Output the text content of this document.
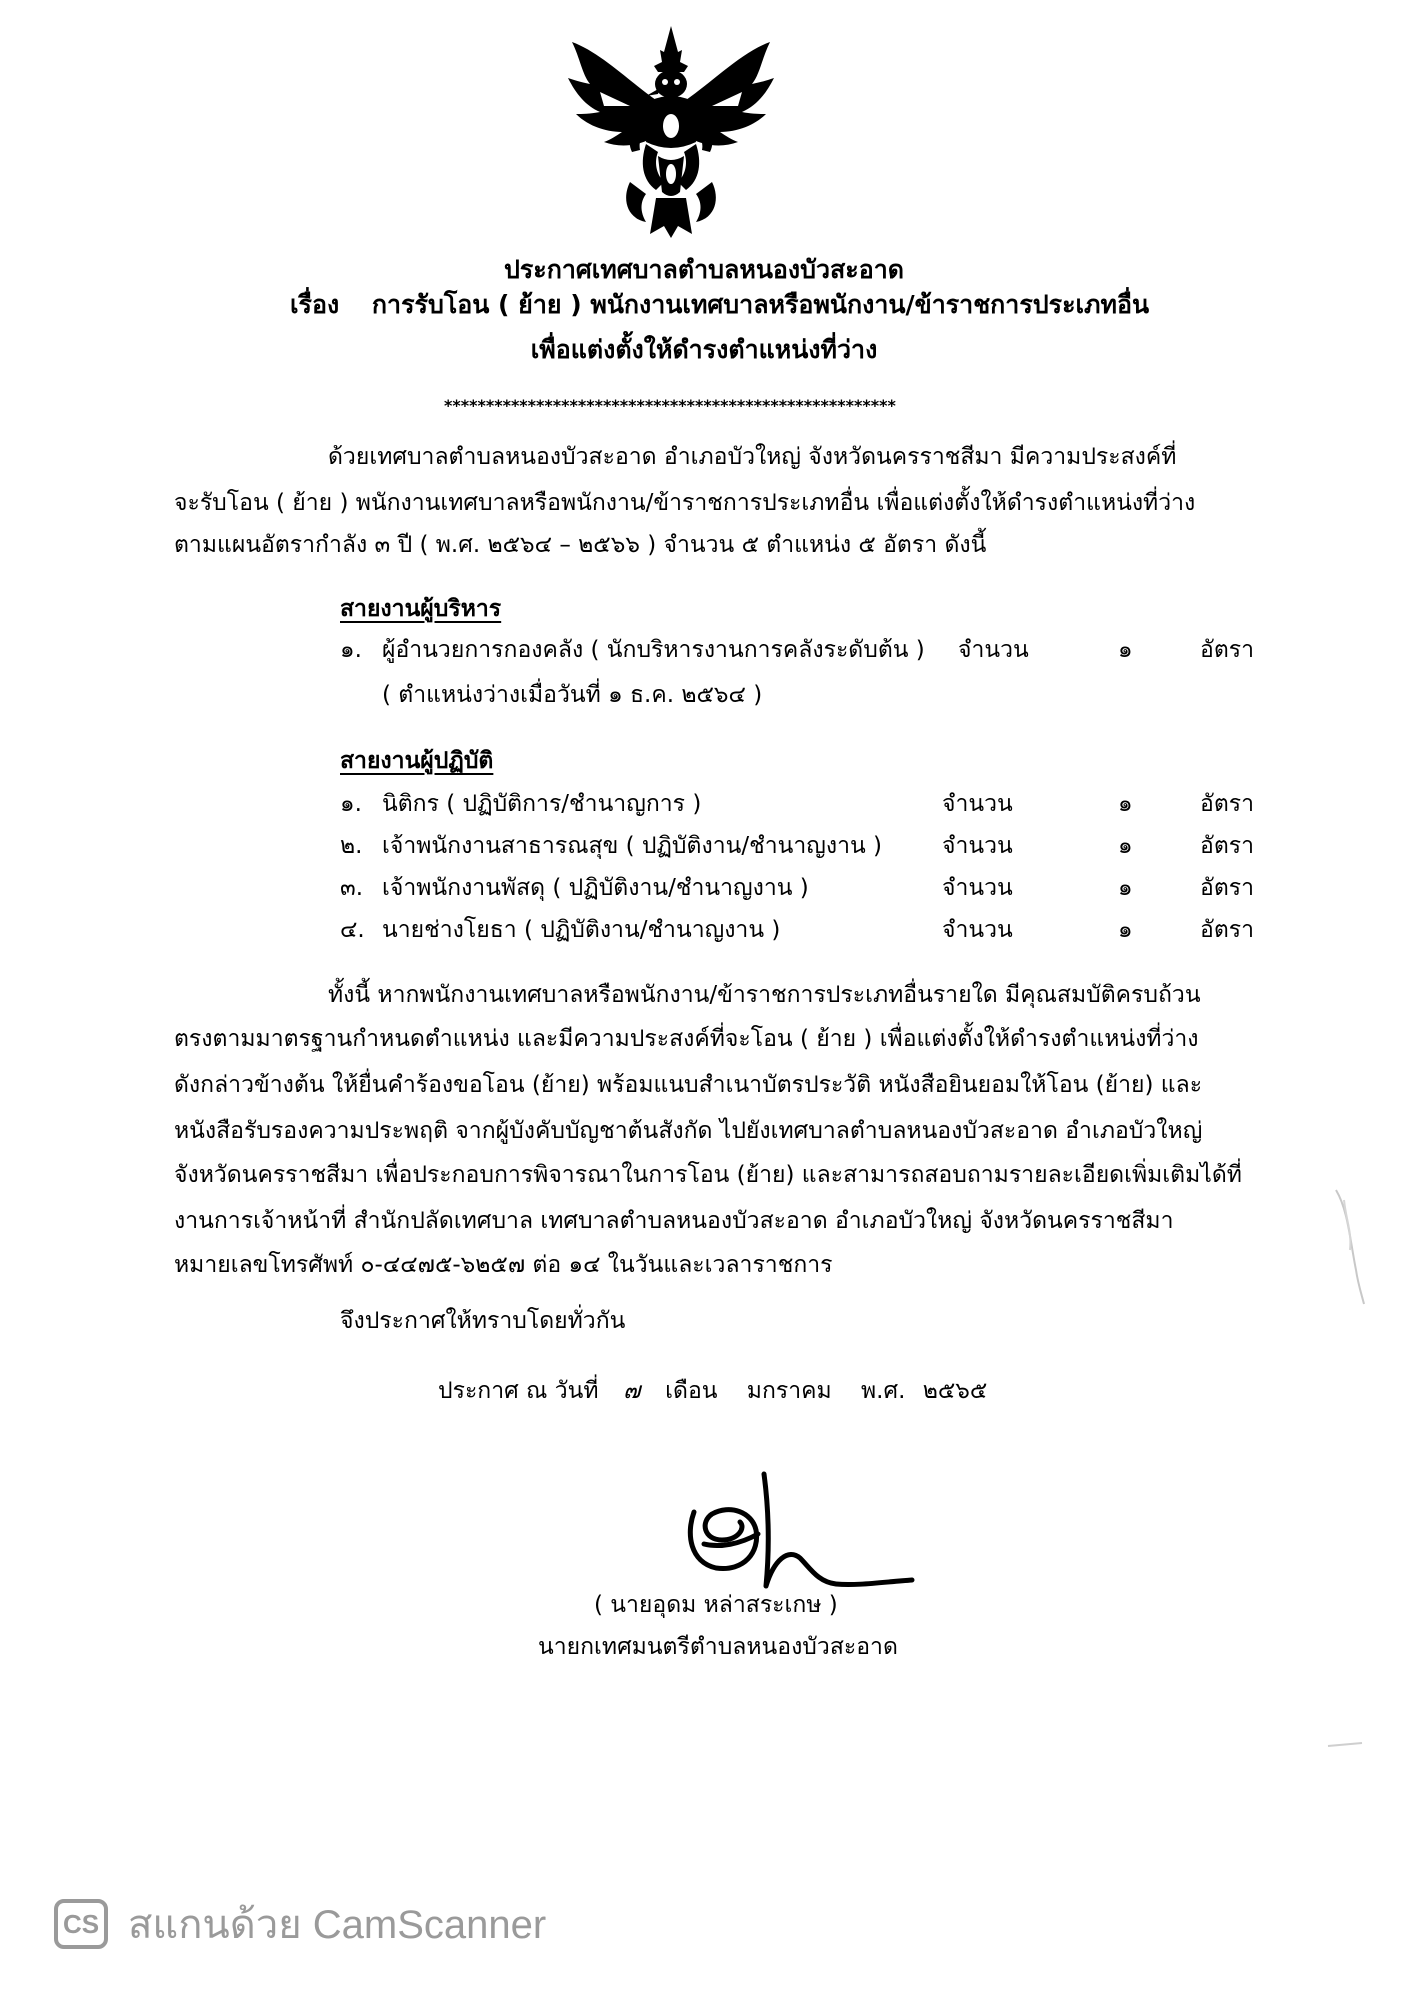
ประกาศเทศบาลตำบลหนองบัวสะอาด
เรื่อง การรับโอน ( ย้าย ) พนักงานเทศบาลหรือพนักงาน/ข้าราชการประเภทอื่น
เพื่อแต่งตั้งให้ดำรงตำแหน่งที่ว่าง
******************************************************
ด้วยเทศบาลตำบลหนองบัวสะอาด อำเภอบัวใหญ่ จังหวัดนครราชสีมา มีความประสงค์ที่
จะรับโอน ( ย้าย ) พนักงานเทศบาลหรือพนักงาน/ข้าราชการประเภทอื่น เพื่อแต่งตั้งให้ดำรงตำแหน่งที่ว่าง
ตามแผนอัตรากำลัง ๓ ปี ( พ.ศ. ๒๕๖๔ – ๒๕๖๖ ) จำนวน ๕ ตำแหน่ง ๕ อัตรา ดังนี้
สายงานผู้บริหาร
๑. ผู้อำนวยการกองคลัง ( นักบริหารงานการคลังระดับต้น ) จำนวน	๑	อัตรา
( ตำแหน่งว่างเมื่อวันที่ ๑ ธ.ค. ๒๕๖๔ )
สายงานผู้ปฏิบัติ
๑. นิติกร ( ปฏิบัติการ/ชำนาญการ )	จำนวน	๑	อัตรา
๒. เจ้าพนักงานสาธารณสุข ( ปฏิบัติงาน/ชำนาญงาน )	จำนวน	๑	อัตรา
๓. เจ้าพนักงานพัสดุ ( ปฏิบัติงาน/ชำนาญงาน )	จำนวน	๑	อัตรา
๔. นายช่างโยธา ( ปฏิบัติงาน/ชำนาญงาน )	จำนวน	๑	อัตรา
ทั้งนี้ หากพนักงานเทศบาลหรือพนักงาน/ข้าราชการประเภทอื่นรายใด มีคุณสมบัติครบถ้วน
ตรงตามมาตรฐานกำหนดตำแหน่ง และมีความประสงค์ที่จะโอน ( ย้าย ) เพื่อแต่งตั้งให้ดำรงตำแหน่งที่ว่าง
ดังกล่าวข้างต้น ให้ยื่นคำร้องขอโอน (ย้าย) พร้อมแนบสำเนาบัตรประวัติ หนังสือยินยอมให้โอน (ย้าย) และ
หนังสือรับรองความประพฤติ จากผู้บังคับบัญชาต้นสังกัด ไปยังเทศบาลตำบลหนองบัวสะอาด อำเภอบัวใหญ่
จังหวัดนครราชสีมา เพื่อประกอบการพิจารณาในการโอน (ย้าย) และสามารถสอบถามรายละเอียดเพิ่มเติมได้ที่
งานการเจ้าหน้าที่ สำนักปลัดเทศบาล เทศบาลตำบลหนองบัวสะอาด อำเภอบัวใหญ่ จังหวัดนครราชสีมา
หมายเลขโทรศัพท์ ๐-๔๔๗๕-๖๒๕๗ ต่อ ๑๔ ในวันและเวลาราชการ
จึงประกาศให้ทราบโดยทั่วกัน
ประกาศ ณ วันที่ ๗ เดือน มกราคม พ.ศ. ๒๕๖๕
( นายอุดม หล่าสระเกษ )
นายกเทศมนตรีตำบลหนองบัวสะอาด
CS สแกนด้วย CamScanner
